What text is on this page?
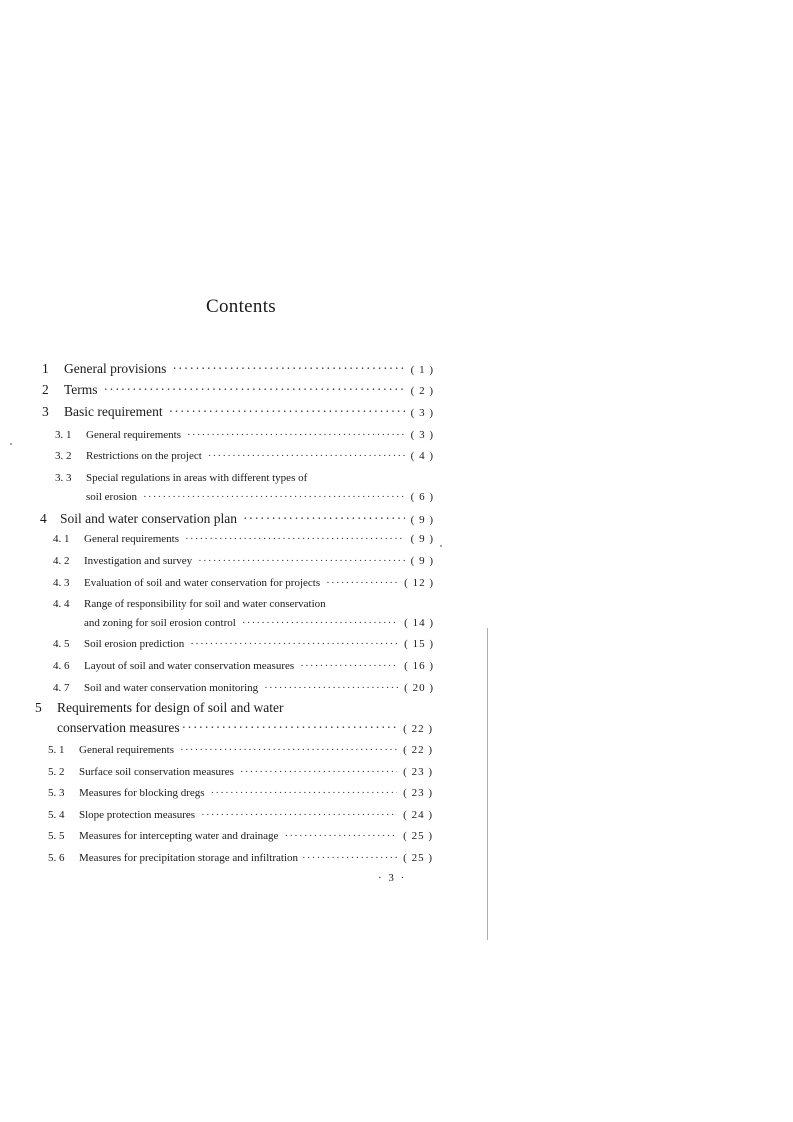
Contents
1	General provisions ·····	( 1 )
2	Terms ·····	( 2 )
3	Basic requirement ·····	( 3 )
3. 1	General requirements ·····	( 3 )
3. 2	Restrictions on the project ·····	( 4 )
3. 3 Special regulations in areas with different types of
soil erosion ·····	( 6 )
4 Soil and water conservation plan ·····	( 9 )
4. 1	General requirements ·····	( 9 )
4. 2	Investigation and survey ·····	( 9 )
4. 3	Evaluation of soil and water conservation for projects ·····	( 12 )
4. 4 Range of responsibility for soil and water conservation
and zoning for soil erosion control ·····	( 14 )
4. 5	Soil erosion prediction ·····	( 15 )
4. 6	Layout of soil and water conservation measures ·····	( 16 )
4. 7	Soil and water conservation monitoring ·····	( 20 )
5 Requirements for design of soil and water
conservation measures ·····	( 22 )
5. 1	General requirements ·····	( 22 )
5. 2	Surface soil conservation measures ·····	( 23 )
5. 3	Measures for blocking dregs ·····	( 23 )
5. 4	Slope protection measures ·····	( 24 )
5. 5	Measures for intercepting water and drainage ·····	( 25 )
5. 6	Measures for precipitation storage and infiltration ·····	( 25 )
· 3 ·
